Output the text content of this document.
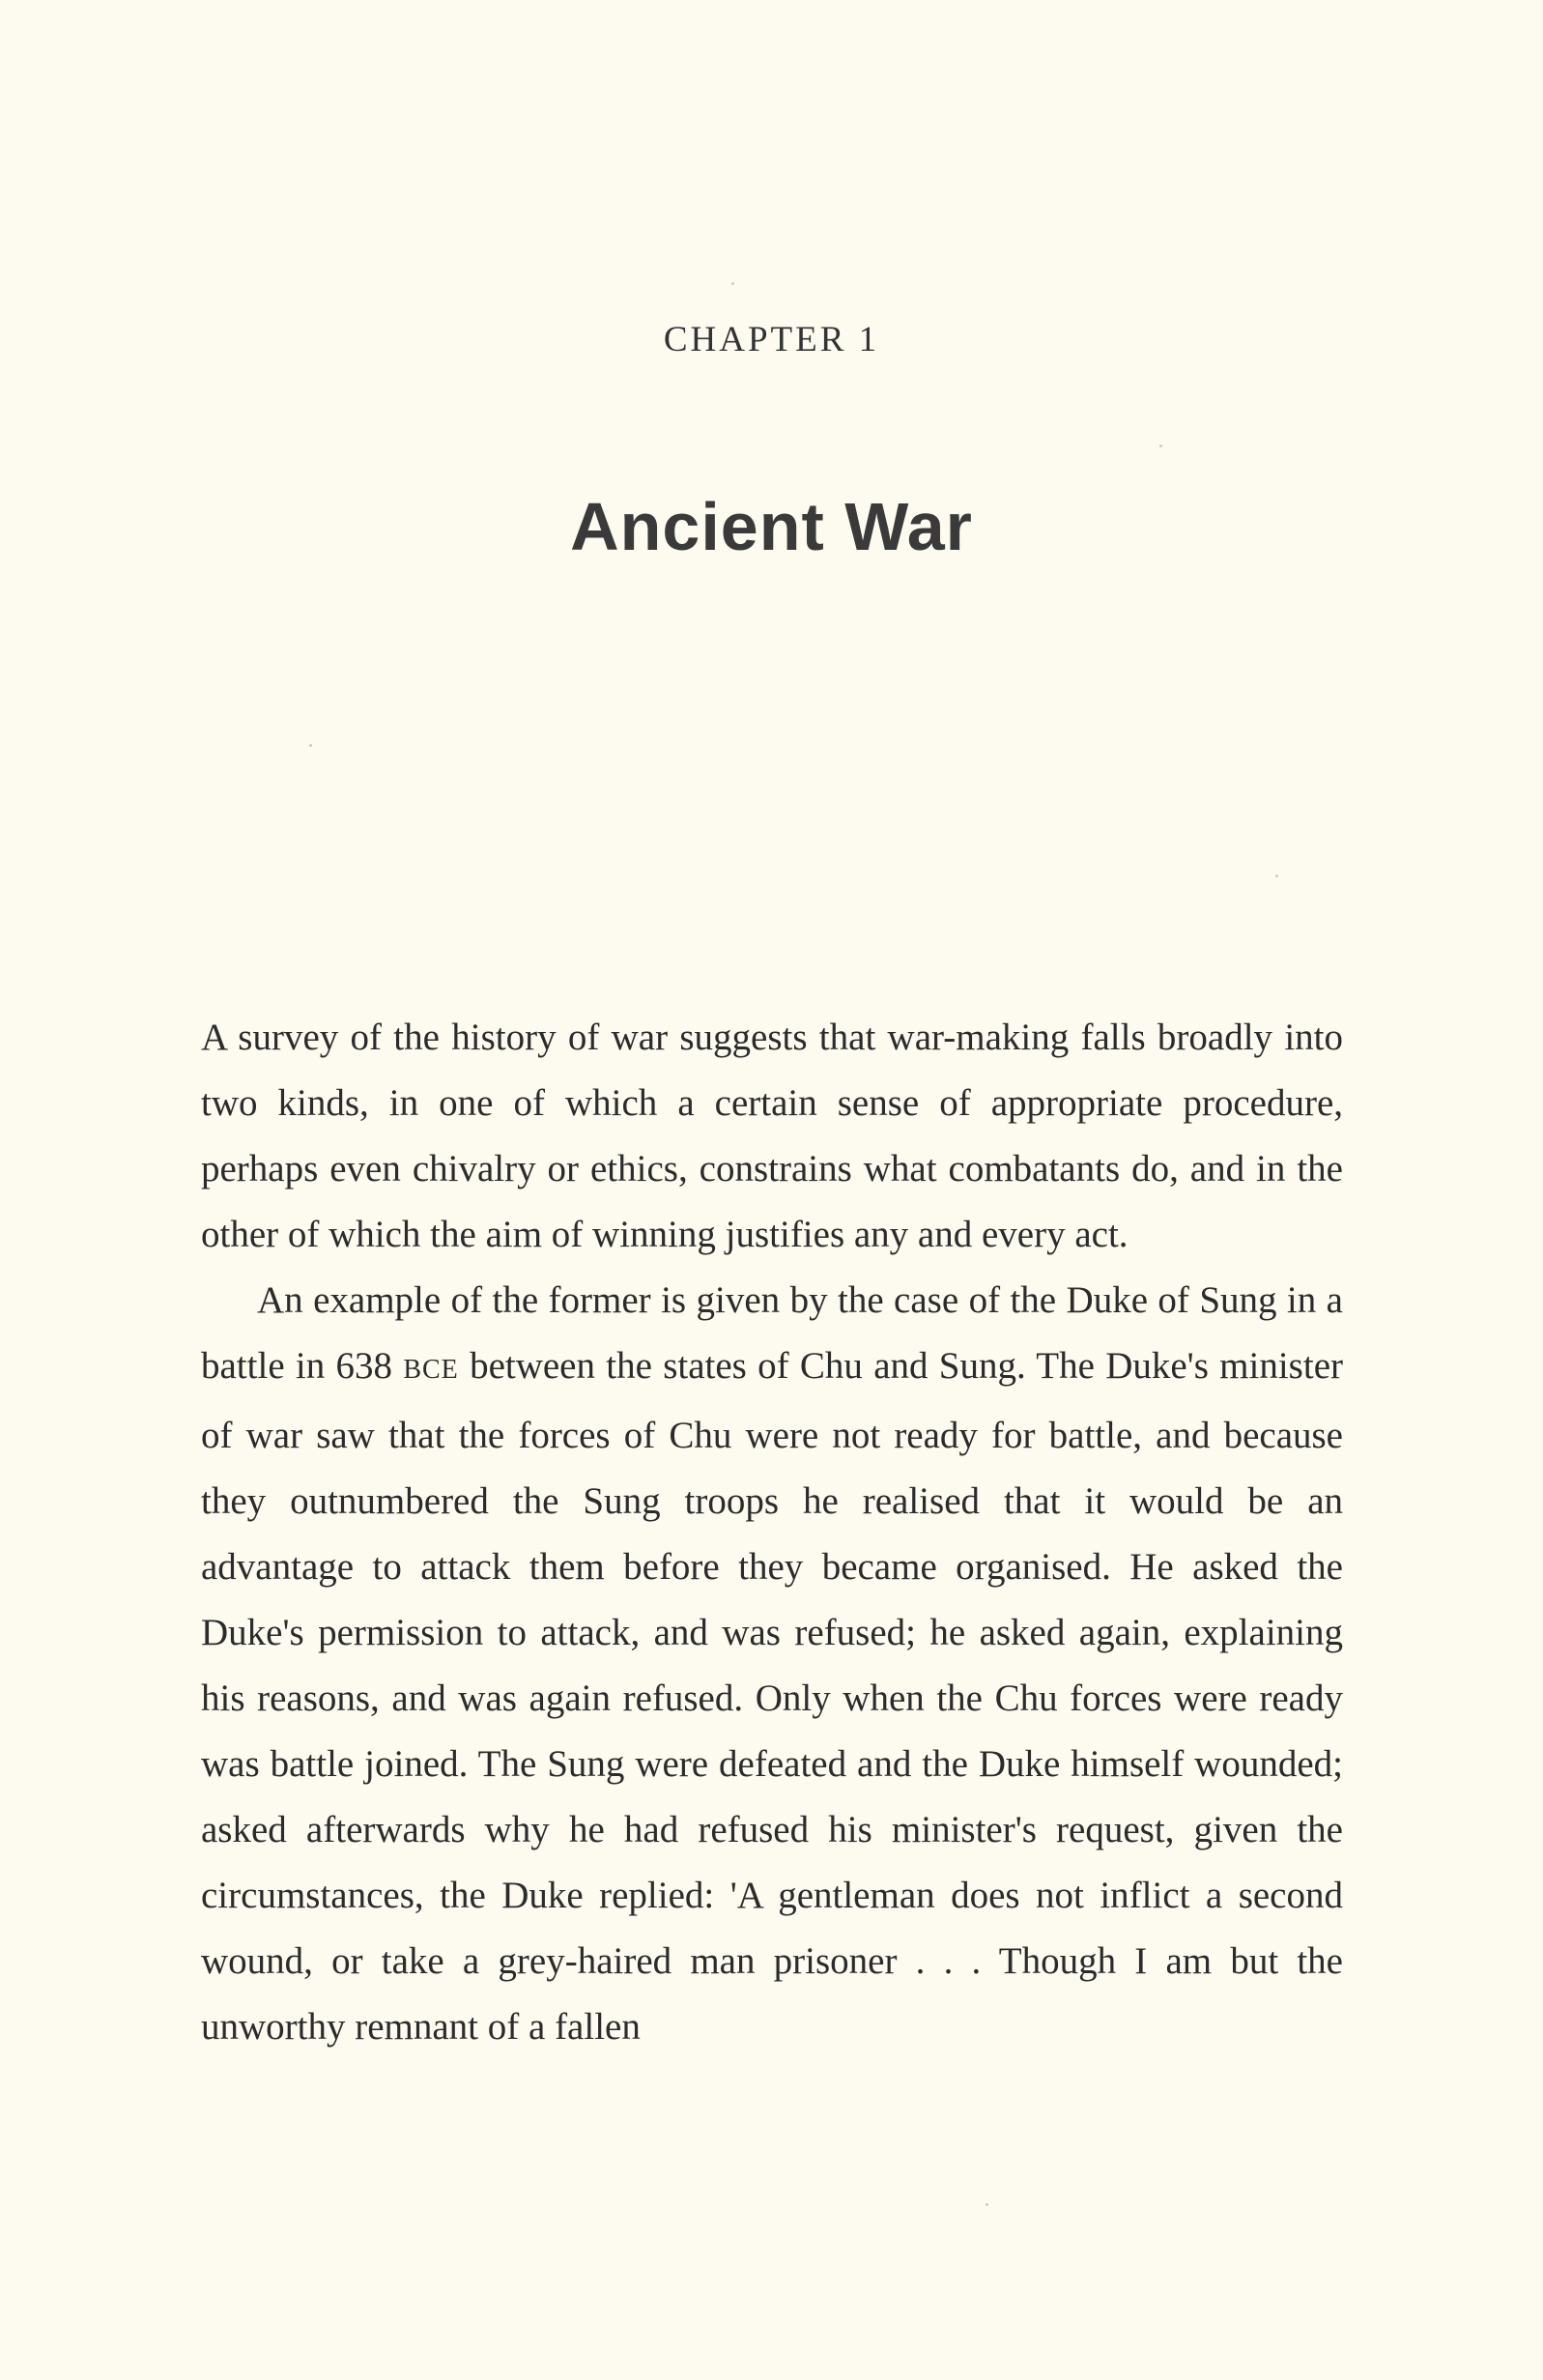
CHAPTER 1
Ancient War

A survey of the history of war suggests that war-making falls broadly into two kinds, in one of which a certain sense of appropriate procedure, perhaps even chivalry or ethics, constrains what combatants do, and in the other of which the aim of winning justifies any and every act.

An example of the former is given by the case of the Duke of Sung in a battle in 638 BCE between the states of Chu and Sung. The Duke's minister of war saw that the forces of Chu were not ready for battle, and because they outnumbered the Sung troops he realised that it would be an advantage to attack them before they became organised. He asked the Duke's permission to attack, and was refused; he asked again, explaining his reasons, and was again refused. Only when the Chu forces were ready was battle joined. The Sung were defeated and the Duke himself wounded; asked afterwards why he had refused his minister's request, given the circumstances, the Duke replied: 'A gentleman does not inflict a second wound, or take a grey-haired man prisoner . . . Though I am but the unworthy remnant of a fallen
